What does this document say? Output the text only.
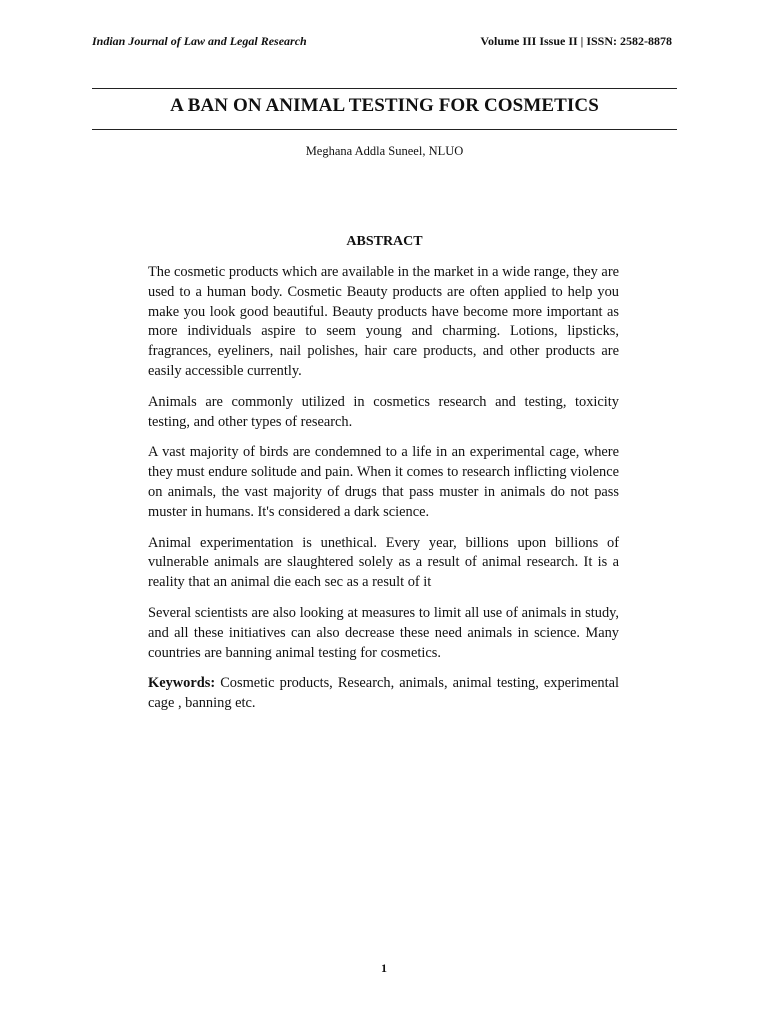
Indian Journal of Law and Legal Research	Volume III Issue II | ISSN: 2582-8878
A BAN ON ANIMAL TESTING FOR COSMETICS
Meghana Addla Suneel, NLUO
ABSTRACT

The cosmetic products which are available in the market in a wide range, they are used to a human body. Cosmetic Beauty products are often applied to help you make you look good beautiful. Beauty products have become more important as more individuals aspire to seem young and charming. Lotions, lipsticks, fragrances, eyeliners, nail polishes, hair care products, and other products are easily accessible currently.

Animals are commonly utilized in cosmetics research and testing, toxicity testing, and other types of research.

A vast majority of birds are condemned to a life in an experimental cage, where they must endure solitude and pain. When it comes to research inflicting violence on animals, the vast majority of drugs that pass muster in animals do not pass muster in humans. It's considered a dark science.

Animal experimentation is unethical. Every year, billions upon billions of vulnerable animals are slaughtered solely as a result of animal research. It is a reality that an animal die each sec as a result of it

Several scientists are also looking at measures to limit all use of animals in study, and all these initiatives can also decrease these need animals in science. Many countries are banning animal testing for cosmetics.

Keywords: Cosmetic products, Research, animals, animal testing, experimental cage , banning etc.

1
